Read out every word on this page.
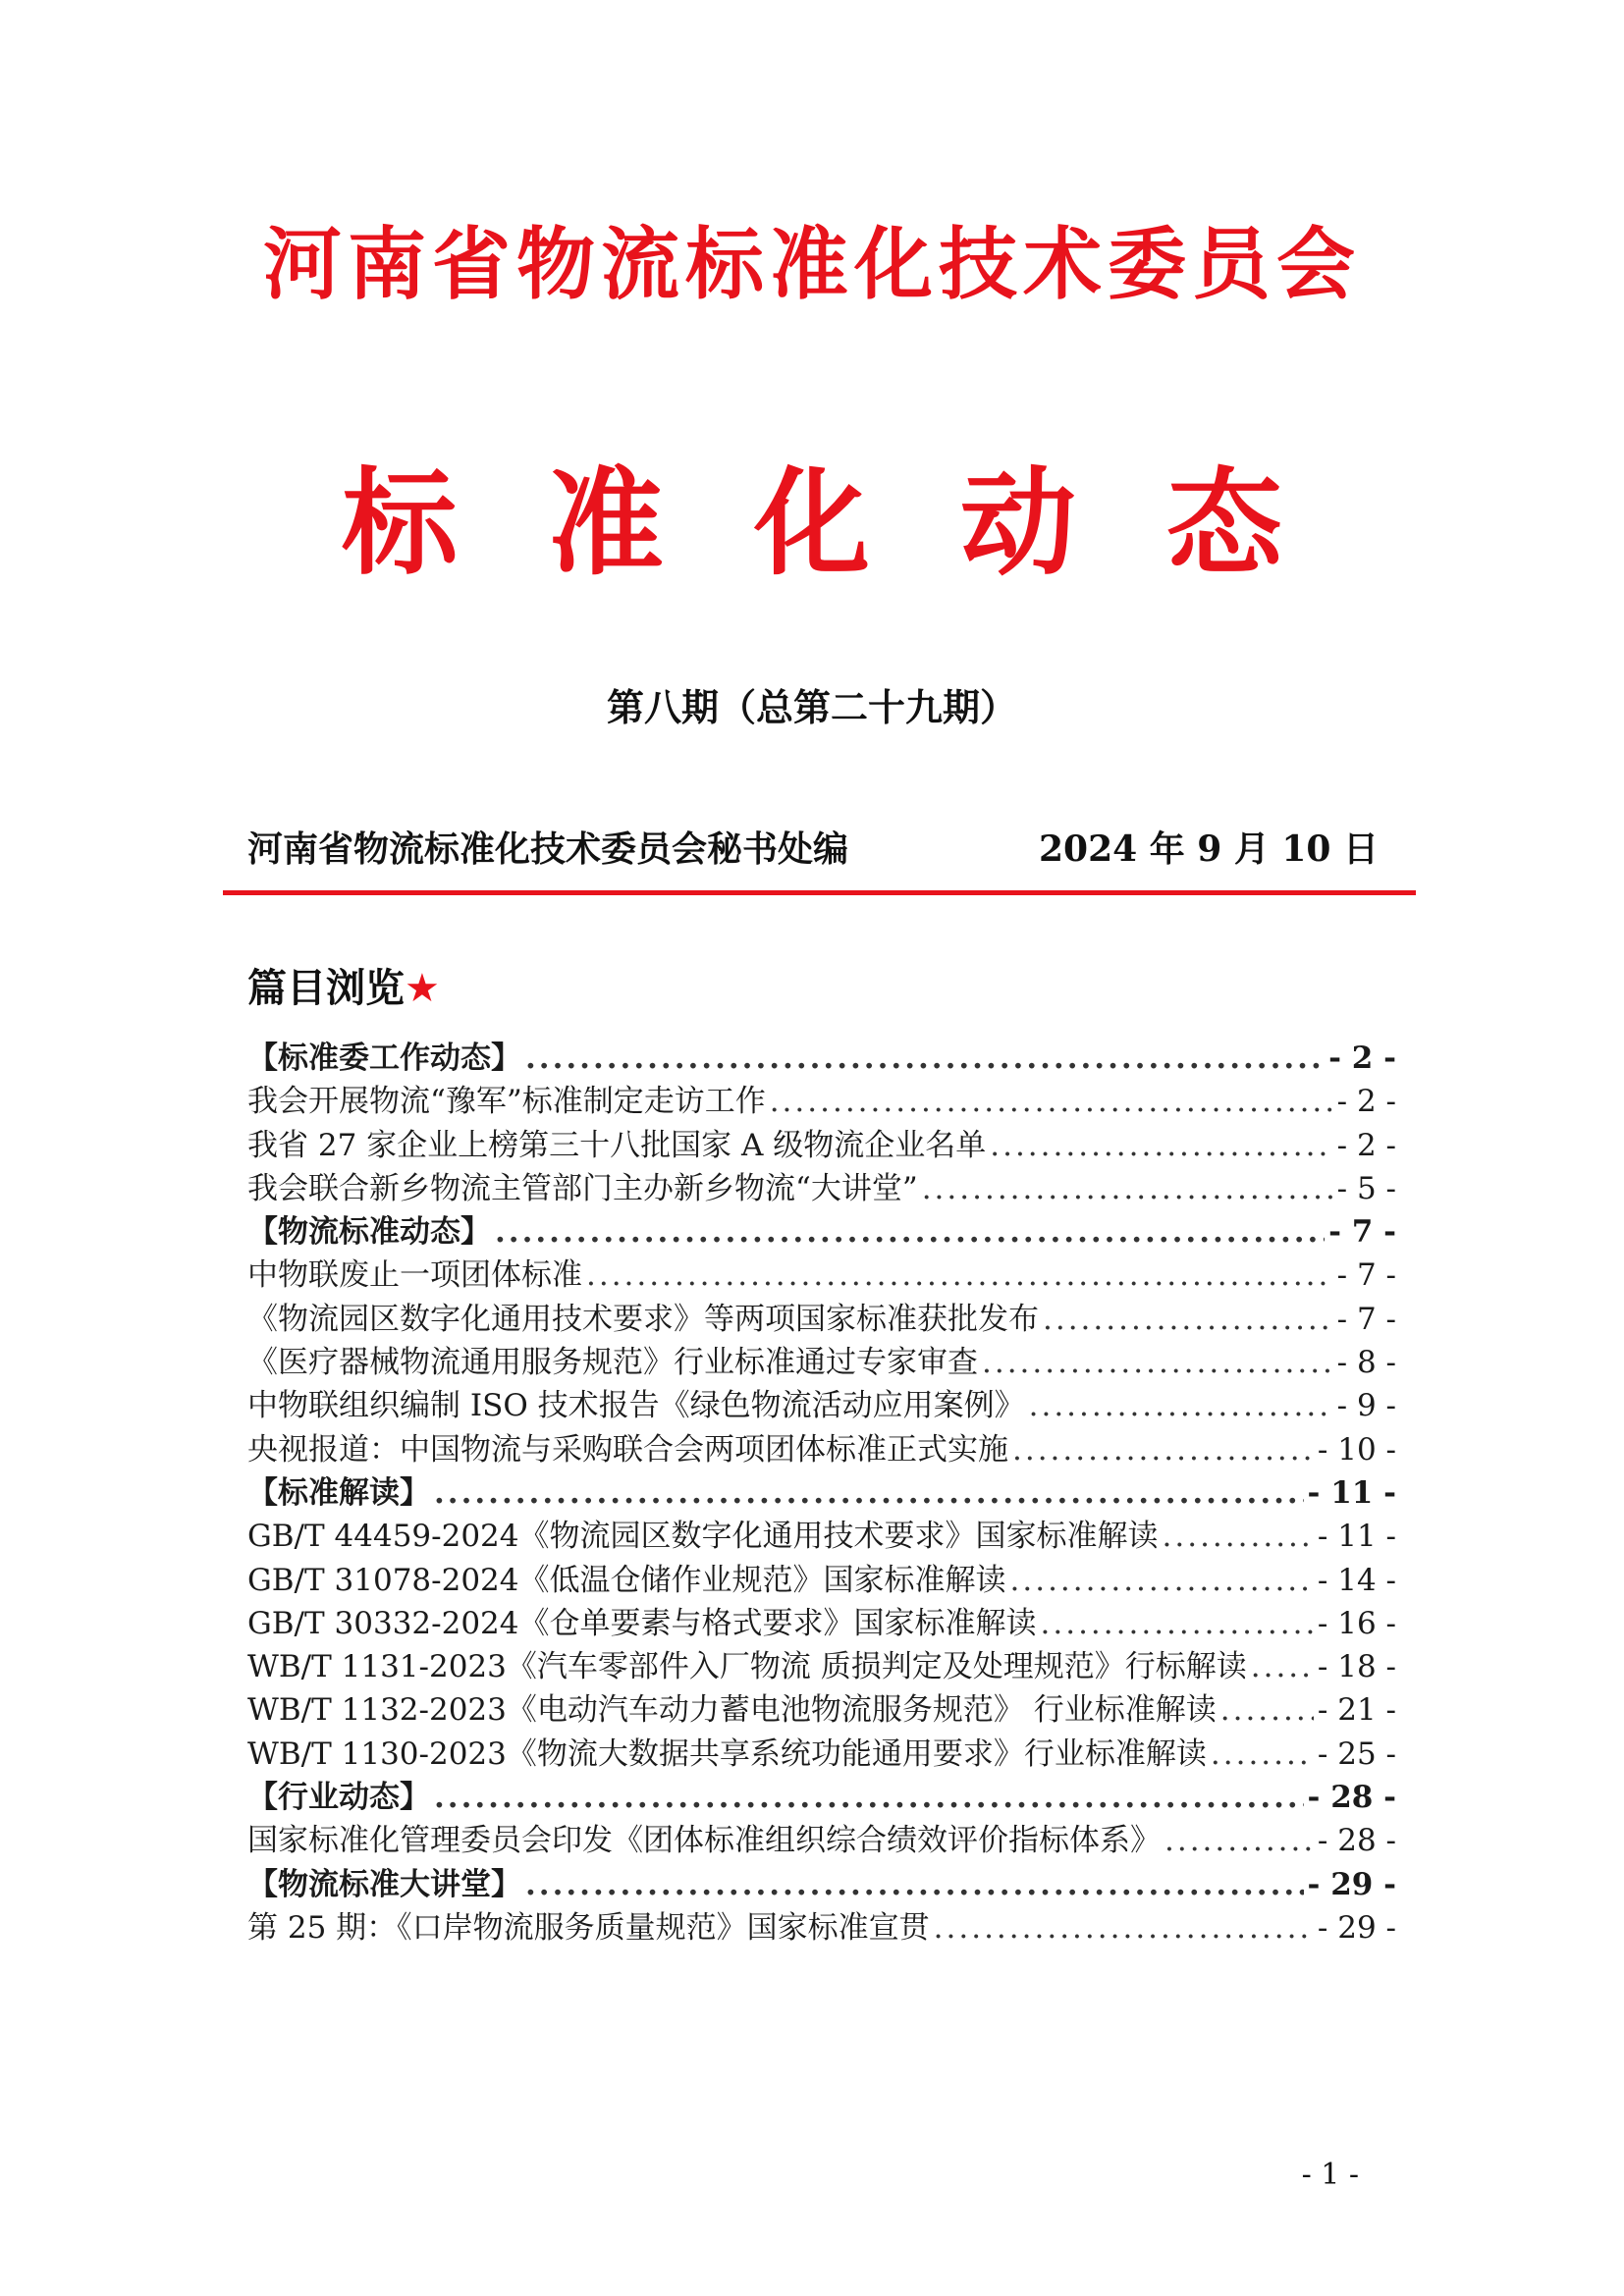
河南省物流标准化技术委员会
标准化动态
第八期（总第二十九期）
河南省物流标准化技术委员会秘书处编	2024 年 9 月 10 日
篇目浏览★
【标准委工作动态】 .....	- 2 -
我会开展物流“豫军”标准制定走访工作 .....	- 2 -
我省 27 家企业上榜第三十八批国家 A 级物流企业名单 .....	- 2 -
我会联合新乡物流主管部门主办新乡物流“大讲堂” .....	- 5 -
【物流标准动态】 .....	- 7 -
中物联废止一项团体标准 .....	- 7 -
《物流园区数字化通用技术要求》等两项国家标准获批发布 .....	- 7 -
《医疗器械物流通用服务规范》行业标准通过专家审查 .....	- 8 -
中物联组织编制 ISO 技术报告《绿色物流活动应用案例》 .....	- 9 -
央视报道：中国物流与采购联合会两项团体标准正式实施 .....	- 10 -
【标准解读】 .....	- 11 -
GB/T 44459-2024《物流园区数字化通用技术要求》国家标准解读 .....	- 11 -
GB/T 31078-2024《低温仓储作业规范》国家标准解读 .....	- 14 -
GB/T 30332-2024《仓单要素与格式要求》国家标准解读 .....	- 16 -
WB/T 1131-2023《汽车零部件入厂物流 质损判定及处理规范》行标解读 ..... - 18 -
WB/T 1132-2023《电动汽车动力蓄电池物流服务规范》 行业标准解读 .....	- 21 -
WB/T 1130-2023《物流大数据共享系统功能通用要求》行业标准解读 .....	- 25 -
【行业动态】 .....	- 28 -
国家标准化管理委员会印发《团体标准组织综合绩效评价指标体系》 .....	- 28 -
【物流标准大讲堂】 .....	- 29 -
第 25 期：《口岸物流服务质量规范》国家标准宣贯 .....	- 29 -
- 1 -
